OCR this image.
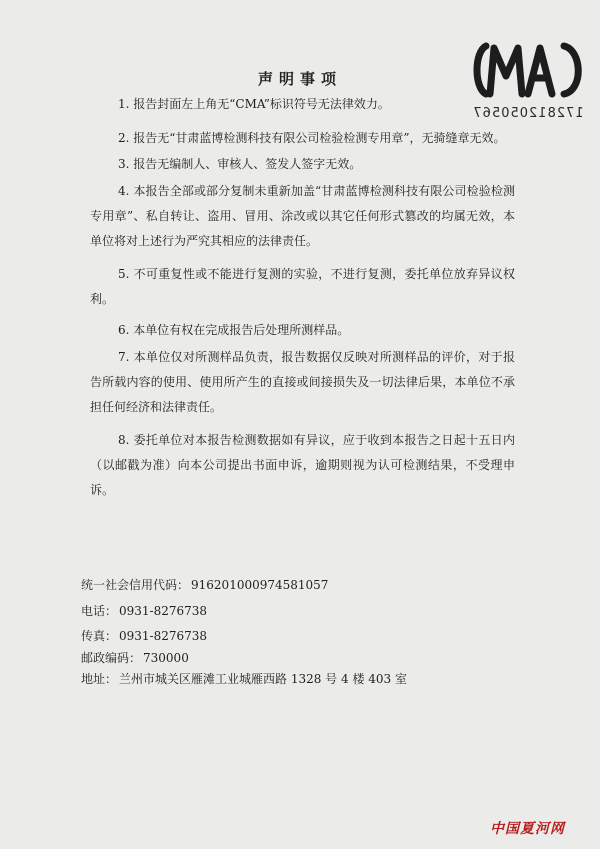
172812050567
声明事项
1. 报告封面左上角无“CMA”标识符号无法律效力。
2. 报告无“甘肃蓝博检测科技有限公司检验检测专用章”，无骑缝章无效。
3. 报告无编制人、审核人、签发人签字无效。
4. 本报告全部或部分复制未重新加盖“甘肃蓝博检测科技有限公司检验检测专用章”、私自转让、盗用、冒用、涂改或以其它任何形式篡改的均属无效，本单位将对上述行为严究其相应的法律责任。
5. 不可重复性或不能进行复测的实验，不进行复测，委托单位放弃异议权利。
6. 本单位有权在完成报告后处理所测样品。
7. 本单位仅对所测样品负责，报告数据仅反映对所测样品的评价，对于报告所载内容的使用、使用所产生的直接或间接损失及一切法律后果，本单位不承担任何经济和法律责任。
8. 委托单位对本报告检测数据如有异议，应于收到本报告之日起十五日内（以邮戳为准）向本公司提出书面申诉，逾期则视为认可检测结果，不受理申诉。
统一社会信用代码： 916201000974581057
电话： 0931-8276738
传真： 0931-8276738
邮政编码： 730000
地址： 兰州市城关区雁滩工业城雁西路 1328 号 4 楼 403 室
中国夏河网
